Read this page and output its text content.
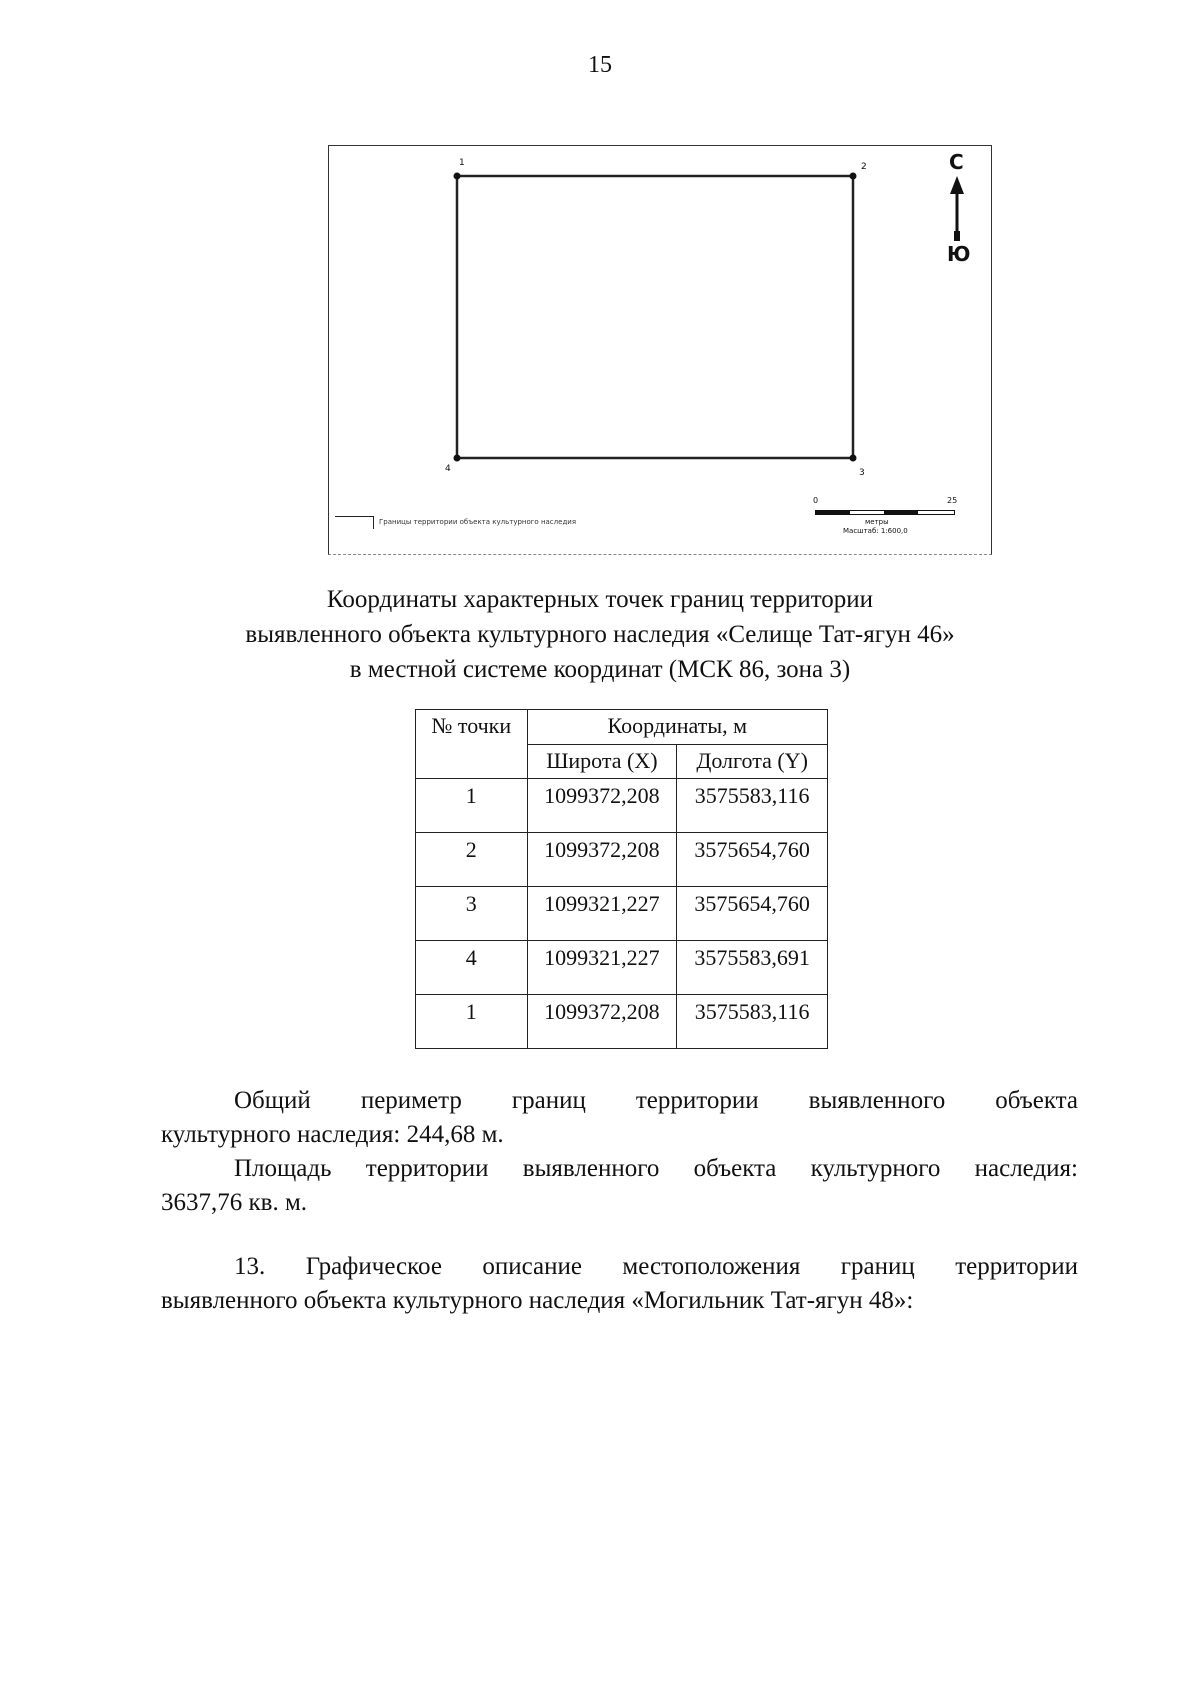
15
1	2
3
4
С
Ю
Границы территории объекта культурного наследия
0	25
метры
Масштаб: 1:600,0
Координаты характерных точек границ территории
выявленного объекта культурного наследия «Селище Тат-ягун 46»
в местной системе координат (МСК 86, зона 3)
№ точки	Координаты, м	
	Широта (X)	Долгота (Y)
1	1099372,208	3575583,116
2	1099372,208	3575654,760
3	1099321,227	3575654,760
4	1099321,227	3575583,691
1	1099372,208	3575583,116
Общий периметр границ территории выявленного объекта
культурного наследия: 244,68 м.
Площадь территории выявленного объекта культурного наследия:
3637,76 кв. м.
13. Графическое описание местоположения границ территории
выявленного объекта культурного наследия «Могильник Тат-ягун 48»:
